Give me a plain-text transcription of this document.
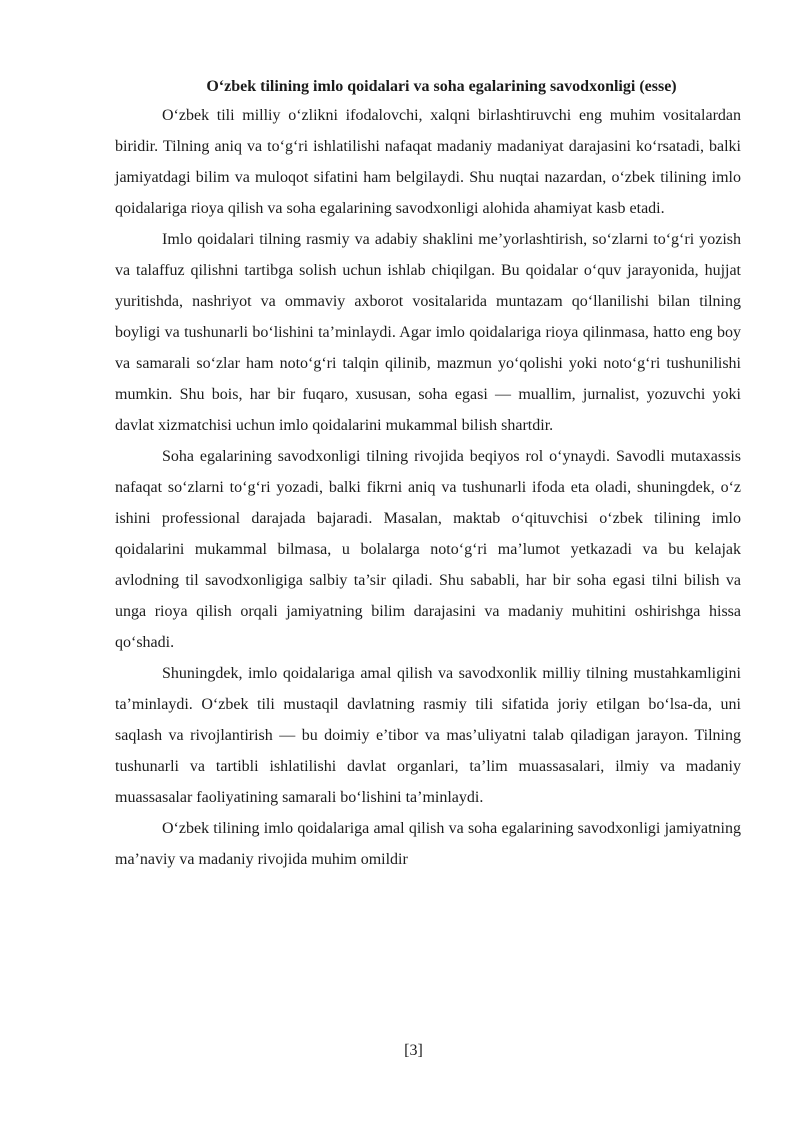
O‘zbek tilining imlo qoidalari va soha egalarining savodxonligi (esse)

O‘zbek tili milliy o‘zlikni ifodalovchi, xalqni birlashtiruvchi eng muhim vositalardan biridir. Tilning aniq va to‘g‘ri ishlatilishi nafaqat madaniy madaniyat darajasini ko‘rsatadi, balki jamiyatdagi bilim va muloqot sifatini ham belgilaydi. Shu nuqtai nazardan, o‘zbek tilining imlo qoidalariga rioya qilish va soha egalarining savodxonligi alohida ahamiyat kasb etadi.

Imlo qoidalari tilning rasmiy va adabiy shaklini me’yorlashtirish, so‘zlarni to‘g‘ri yozish va talaffuz qilishni tartibga solish uchun ishlab chiqilgan. Bu qoidalar o‘quv jarayonida, hujjat yuritishda, nashriyot va ommaviy axborot vositalarida muntazam qo‘llanilishi bilan tilning boyligi va tushunarli bo‘lishini ta’minlaydi. Agar imlo qoidalariga rioya qilinmasa, hatto eng boy va samarali so‘zlar ham noto‘g‘ri talqin qilinib, mazmun yo‘qolishi yoki noto‘g‘ri tushunilishi mumkin. Shu bois, har bir fuqaro, xususan, soha egasi — muallim, jurnalist, yozuvchi yoki davlat xizmatchisi uchun imlo qoidalarini mukammal bilish shartdir.

Soha egalarining savodxonligi tilning rivojida beqiyos rol o‘ynaydi. Savodli mutaxassis nafaqat so‘zlarni to‘g‘ri yozadi, balki fikrni aniq va tushunarli ifoda eta oladi, shuningdek, o‘z ishini professional darajada bajaradi. Masalan, maktab o‘qituvchisi o‘zbek tilining imlo qoidalarini mukammal bilmasa, u bolalarga noto‘g‘ri ma’lumot yetkazadi va bu kelajak avlodning til savodxonligiga salbiy ta’sir qiladi. Shu sababli, har bir soha egasi tilni bilish va unga rioya qilish orqali jamiyatning bilim darajasini va madaniy muhitini oshirishga hissa qo‘shadi.

Shuningdek, imlo qoidalariga amal qilish va savodxonlik milliy tilning mustahkamligini ta’minlaydi. O‘zbek tili mustaqil davlatning rasmiy tili sifatida joriy etilgan bo‘lsa-da, uni saqlash va rivojlantirish — bu doimiy e’tibor va mas’uliyatni talab qiladigan jarayon. Tilning tushunarli va tartibli ishlatilishi davlat organlari, ta’lim muassasalari, ilmiy va madaniy muassasalar faoliyatining samarali bo‘lishini ta’minlaydi.

O‘zbek tilining imlo qoidalariga amal qilish va soha egalarining savodxonligi jamiyatning ma’naviy va madaniy rivojida muhim omildir

[3]
